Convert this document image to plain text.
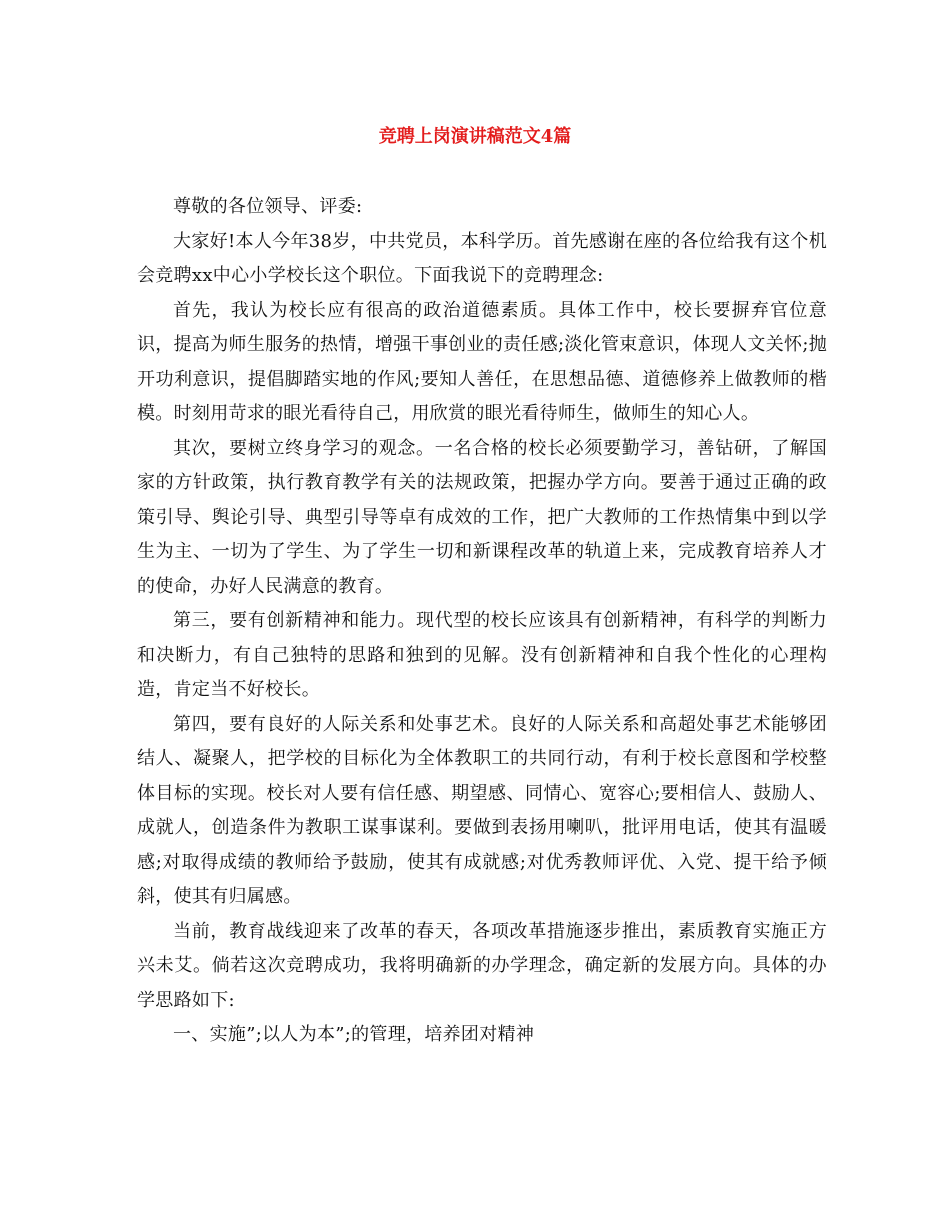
竞聘上岗演讲稿范文4篇

尊敬的各位领导、评委:

大家好!本人今年38岁，中共党员，本科学历。首先感谢在座的各位给我有这个机会竞聘xx中心小学校长这个职位。下面我说下的竞聘理念:

首先，我认为校长应有很高的政治道德素质。具体工作中，校长要摒弃官位意识，提高为师生服务的热情，增强干事创业的责任感;淡化管束意识，体现人文关怀;抛开功利意识，提倡脚踏实地的作风;要知人善任，在思想品德、道德修养上做教师的楷模。时刻用苛求的眼光看待自己，用欣赏的眼光看待师生，做师生的知心人。

其次，要树立终身学习的观念。一名合格的校长必须要勤学习，善钻研，了解国家的方针政策，执行教育教学有关的法规政策，把握办学方向。要善于通过正确的政策引导、舆论引导、典型引导等卓有成效的工作，把广大教师的工作热情集中到以学生为主、一切为了学生、为了学生一切和新课程改革的轨道上来，完成教育培养人才的使命，办好人民满意的教育。

第三，要有创新精神和能力。现代型的校长应该具有创新精神，有科学的判断力和决断力，有自己独特的思路和独到的见解。没有创新精神和自我个性化的心理构造，肯定当不好校长。

第四，要有良好的人际关系和处事艺术。良好的人际关系和高超处事艺术能够团结人、凝聚人，把学校的目标化为全体教职工的共同行动，有利于校长意图和学校整体目标的实现。校长对人要有信任感、期望感、同情心、宽容心;要相信人、鼓励人、成就人，创造条件为教职工谋事谋利。要做到表扬用喇叭，批评用电话，使其有温暖感;对取得成绩的教师给予鼓励，使其有成就感;对优秀教师评优、入党、提干给予倾斜，使其有归属感。

当前，教育战线迎来了改革的春天，各项改革措施逐步推出，素质教育实施正方兴未艾。倘若这次竞聘成功，我将明确新的办学理念，确定新的发展方向。具体的办学思路如下:

一、实施”;以人为本”;的管理，培养团对精神
